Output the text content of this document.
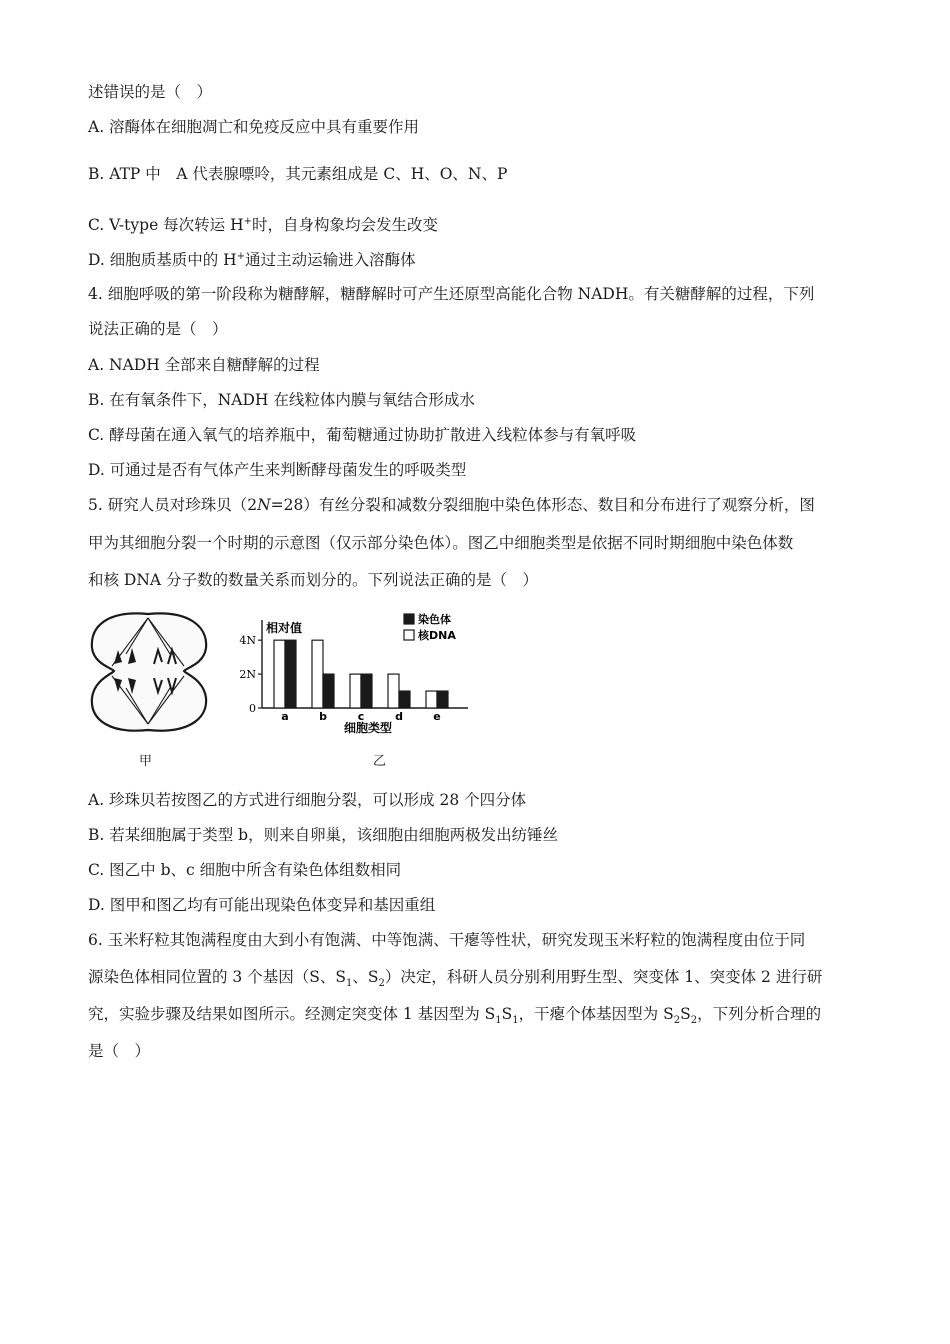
述错误的是（　）
A. 溶酶体在细胞凋亡和免疫反应中具有重要作用
B. ATP 中　A 代表腺嘌呤，其元素组成是 C、H、O、N、P
C. V-type 每次转运 H+时，自身构象均会发生改变
D. 细胞质基质中的 H+通过主动运输进入溶酶体
4. 细胞呼吸的第一阶段称为糖酵解，糖酵解时可产生还原型高能化合物 NADH。有关糖酵解的过程，下列
说法正确的是（　）
A. NADH 全部来自糖酵解的过程
B. 在有氧条件下，NADH 在线粒体内膜与氧结合形成水
C. 酵母菌在通入氧气的培养瓶中，葡萄糖通过协助扩散进入线粒体参与有氧呼吸
D. 可通过是否有气体产生来判断酵母菌发生的呼吸类型
5. 研究人员对珍珠贝（2N=28）有丝分裂和减数分裂细胞中染色体形态、数目和分布进行了观察分析，图
甲为其细胞分裂一个时期的示意图（仅示部分染色体）。图乙中细胞类型是依据不同时期细胞中染色体数
和核 DNA 分子数的数量关系而划分的。下列说法正确的是（　）
甲
相对值
细胞类型
0
2N
4N
a	b	c	d	e
染色体
核DNA
乙
A. 珍珠贝若按图乙的方式进行细胞分裂，可以形成 28 个四分体
B. 若某细胞属于类型 b，则来自卵巢，该细胞由细胞两极发出纺锤丝
C. 图乙中 b、c 细胞中所含有染色体组数相同
D. 图甲和图乙均有可能出现染色体变异和基因重组
6. 玉米籽粒其饱满程度由大到小有饱满、中等饱满、干瘪等性状，研究发现玉米籽粒的饱满程度由位于同
源染色体相同位置的 3 个基因（S、$S_1$、$S_2$）决定，科研人员分别利用野生型、突变体 1、突变体 2 进行研
究，实验步骤及结果如图所示。经测定突变体 1 基因型为 $S_1S_1$，干瘪个体基因型为 $S_2S_2$，下列分析合理的
是（　）
